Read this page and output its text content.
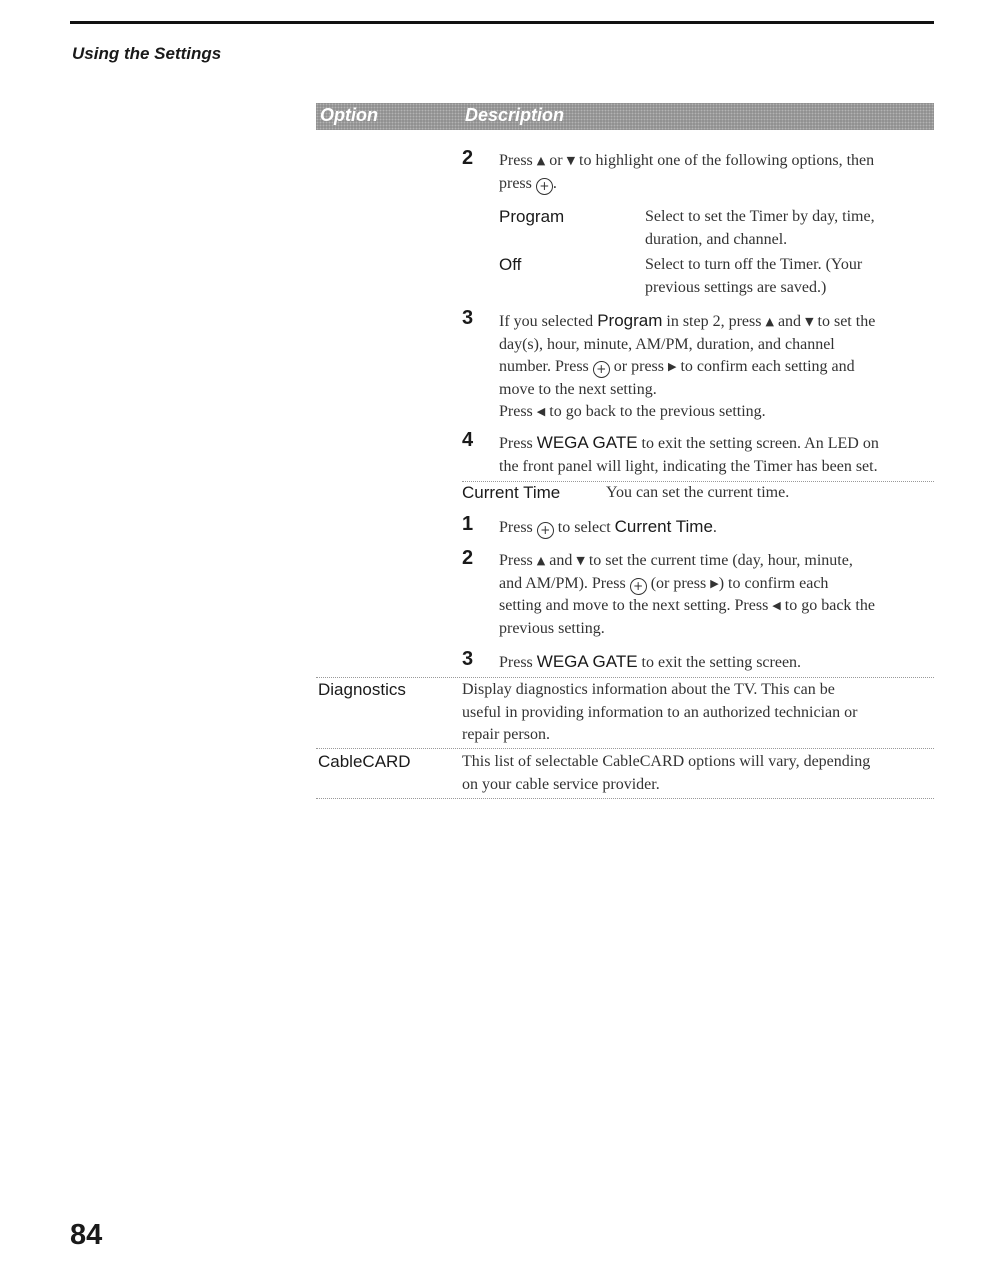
Using the Settings
Option	Description
2 Press ▲ or ▼ to highlight one of the following options, then
press + .
Program	Select to set the Timer by day, time,
duration, and channel.
Off	Select to turn off the Timer. (Your
previous settings are saved.)
3 If you selected Program in step 2, press ▲ and ▼ to set the
day(s), hour, minute, AM/PM, duration, and channel
number. Press + or press ▶ to confirm each setting and
move to the next setting.
Press ◀ to go back to the previous setting.
4 Press WEGA GATE to exit the setting screen. An LED on
the front panel will light, indicating the Timer has been set.
Current Time	You can set the current time.
1 Press + to select Current Time.
2 Press ▲ and ▼ to set the current time (day, hour, minute,
and AM/PM). Press + (or press ▶) to confirm each
setting and move to the next setting. Press ◀ to go back the
previous setting.
3 Press WEGA GATE to exit the setting screen.
Diagnostics	Display diagnostics information about the TV. This can be
useful in providing information to an authorized technician or
repair person.
CableCARD	This list of selectable CableCARD options will vary, depending
on your cable service provider.
84
